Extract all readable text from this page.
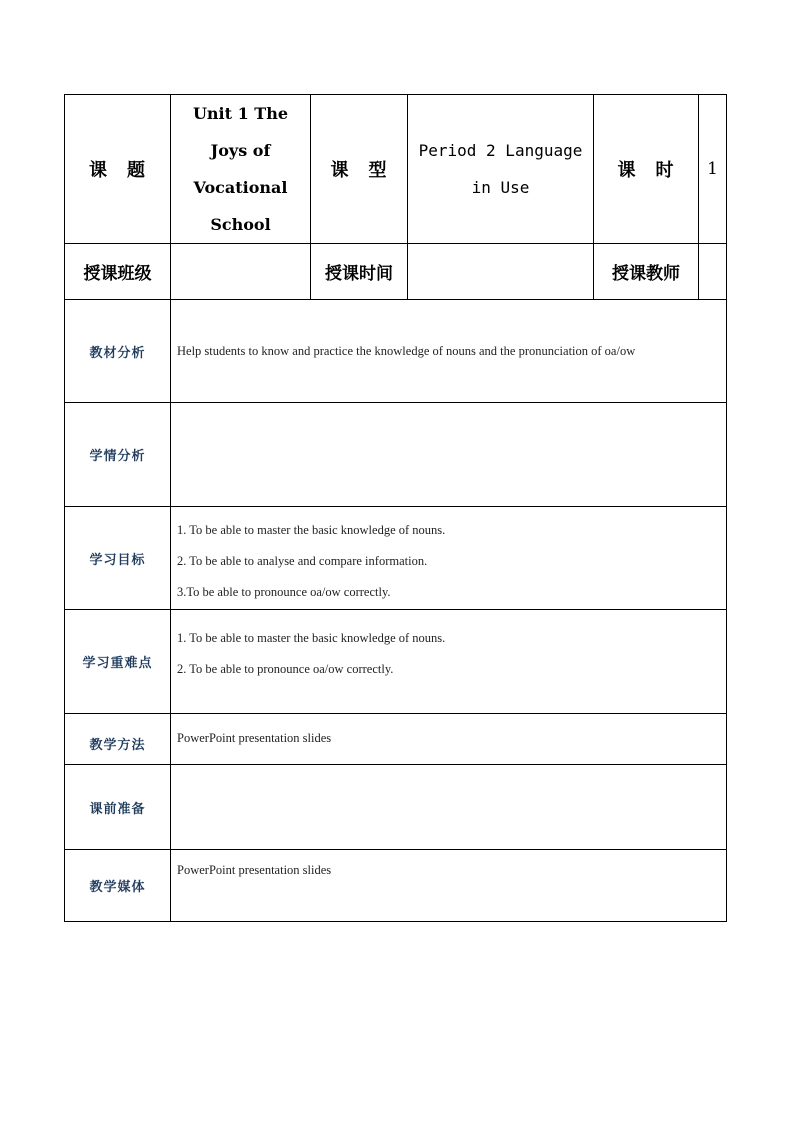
课　题	Unit 1 The Joys of Vocational School	课　型	Period 2 Language in Use	课　时	1
授课班级		授课时间		授课教师	
教材分析	Help students to know and practice the knowledge of nouns and the pronunciation of oa/ow				
学情分析					
学习目标	1. To be able to master the basic knowledge of nouns.

2. To be able to analyse and compare information.

3.To be able to pronounce oa/ow correctly.				

学习重难点	1. To be able to master the basic knowledge of nouns.

2. To be able to pronounce oa/ow correctly.				

教学方法	PowerPoint presentation slides				
课前准备					
教学媒体	PowerPoint presentation slides				
